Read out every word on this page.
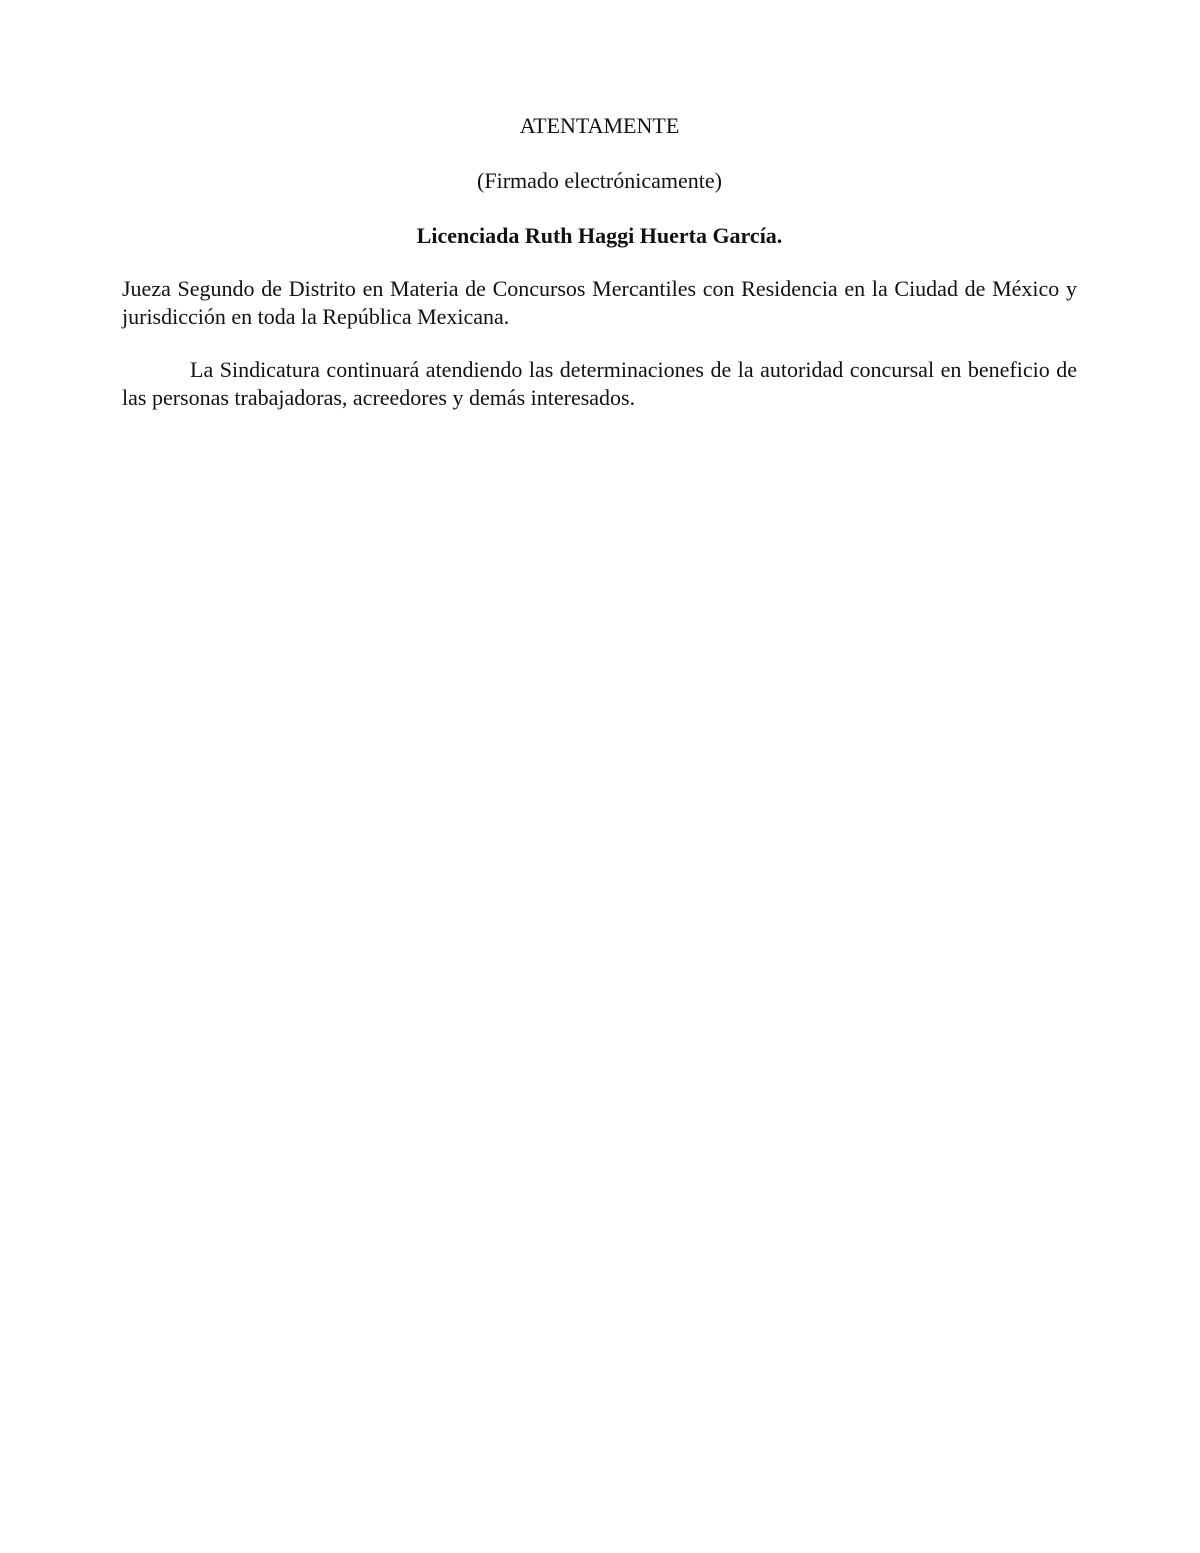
ATENTAMENTE
(Firmado electrónicamente)
Licenciada Ruth Haggi Huerta García.
Jueza Segundo de Distrito en Materia de Concursos Mercantiles con Residencia en la Ciudad de México y jurisdicción en toda la República Mexicana.
La Sindicatura continuará atendiendo las determinaciones de la autoridad concursal en beneficio de las personas trabajadoras, acreedores y demás interesados.
